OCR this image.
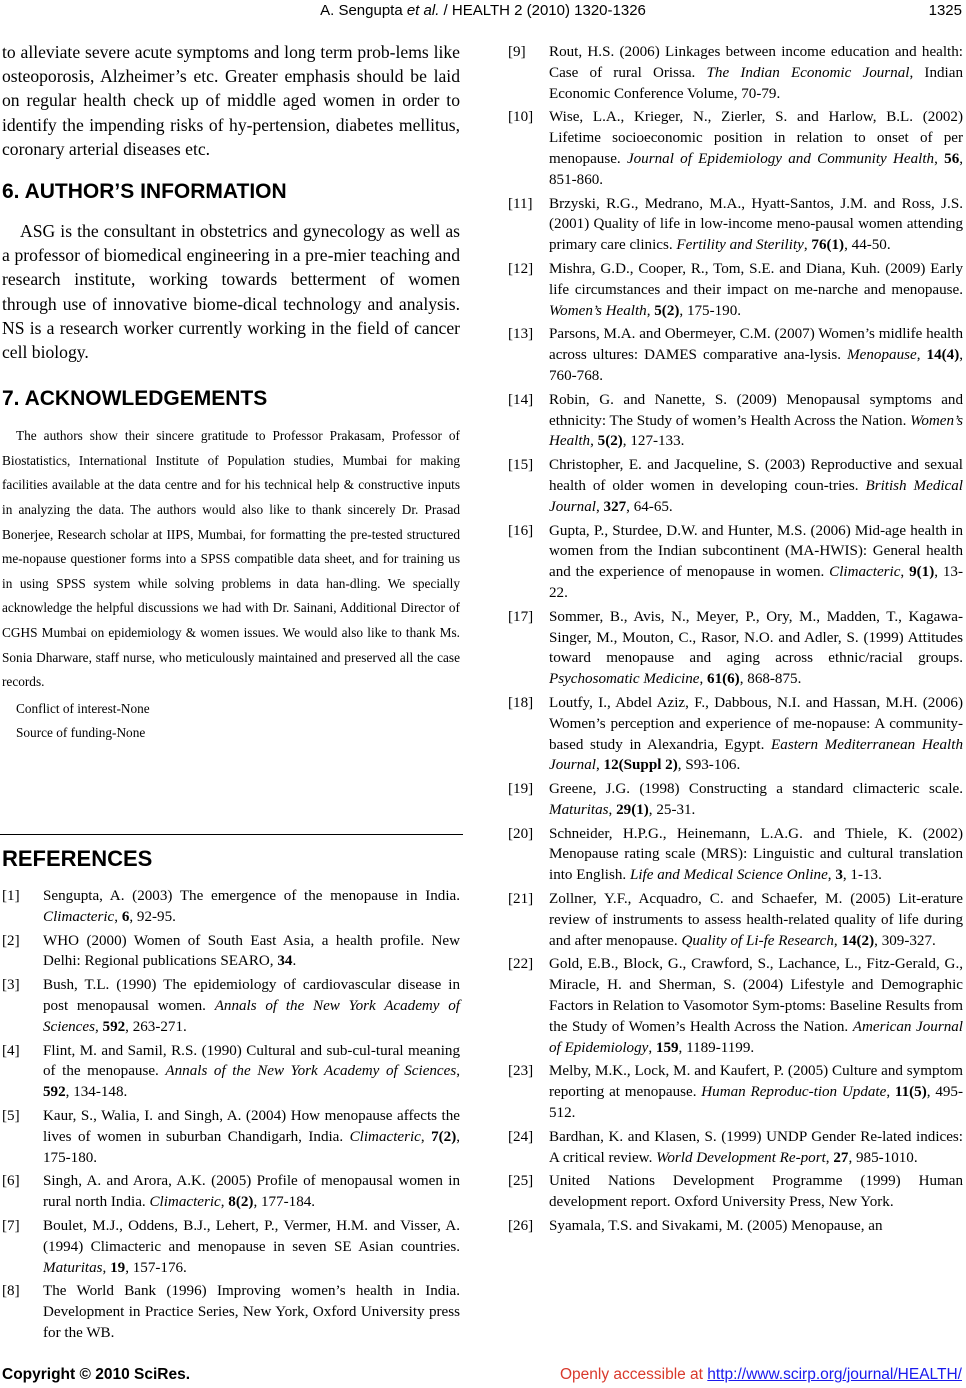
A. Sengupta et al. / HEALTH 2 (2010) 1320-1326	1325

to alleviate severe acute symptoms and long term prob-lems like osteoporosis, Alzheimer’s etc. Greater emphasis should be laid on regular health check up of middle aged women in order to identify the impending risks of hy-pertension, diabetes mellitus, coronary arterial diseases etc.

6. AUTHOR’S INFORMATION

ASG is the consultant in obstetrics and gynecology as well as a professor of biomedical engineering in a pre-mier teaching and research institute, working towards betterment of women through use of innovative biome-dical technology and analysis. NS is a research worker currently working in the field of cancer cell biology.

7. ACKNOWLEDGEMENTS

The authors show their sincere gratitude to Professor Prakasam, Professor of Biostatistics, International Institute of Population studies, Mumbai for making facilities available at the data centre and for his technical help & constructive inputs in analyzing the data. The authors would also like to thank sincerely Dr. Prasad Bonerjee, Research scholar at IIPS, Mumbai, for formatting the pre-tested structured me-nopause questioner forms into a SPSS compatible data sheet, and for training us in using SPSS system while solving problems in data han-dling. We specially acknowledge the helpful discussions we had with Dr. Sainani, Additional Director of CGHS Mumbai on epidemiology & women issues. We would also like to thank Ms. Sonia Dharware, staff nurse, who meticulously maintained and preserved all the case records.

Conflict of interest-None

Source of funding-None

REFERENCES

[1] Sengupta, A. (2003) The emergence of the menopause in India. Climacteric, 6, 92-95.

[2] WHO (2000) Women of South East Asia, a health profile. New Delhi: Regional publications SEARO, 34.

[3] Bush, T.L. (1990) The epidemiology of cardiovascular disease in post menopausal women. Annals of the New York Academy of Sciences, 592, 263-271.

[4] Flint, M. and Samil, R.S. (1990) Cultural and sub-cul-tural meaning of the menopause. Annals of the New York Academy of Sciences, 592, 134-148.

[5] Kaur, S., Walia, I. and Singh, A. (2004) How menopause affects the lives of women in suburban Chandigarh, India. Climacteric, 7(2), 175-180.

[6] Singh, A. and Arora, A.K. (2005) Profile of menopausal women in rural north India. Climacteric, 8(2), 177-184.

[7] Boulet, M.J., Oddens, B.J., Lehert, P., Vermer, H.M. and Visser, A. (1994) Climacteric and menopause in seven SE Asian countries. Maturitas, 19, 157-176.

[8] The World Bank (1996) Improving women’s health in India. Development in Practice Series, New York, Oxford University press for the WB.

[9] Rout, H.S. (2006) Linkages between income education and health: Case of rural Orissa. The Indian Economic Journal, Indian Economic Conference Volume, 70-79.

[10] Wise, L.A., Krieger, N., Zierler, S. and Harlow, B.L. (2002) Lifetime socioeconomic position in relation to onset of per menopause. Journal of Epidemiology and Community Health, 56, 851-860.

[11] Brzyski, R.G., Medrano, M.A., Hyatt-Santos, J.M. and Ross, J.S. (2001) Quality of life in low-income meno-pausal women attending primary care clinics. Fertility and Sterility, 76(1), 44-50.

[12] Mishra, G.D., Cooper, R., Tom, S.E. and Diana, Kuh. (2009) Early life circumstances and their impact on me-narche and menopause. Women’s Health, 5(2), 175-190.

[13] Parsons, M.A. and Obermeyer, C.M. (2007) Women’s midlife health across ultures: DAMES comparative ana-lysis. Menopause, 14(4), 760-768.

[14] Robin, G. and Nanette, S. (2009) Menopausal symptoms and ethnicity: The Study of women’s Health Across the Nation. Women’s Health, 5(2), 127-133.

[15] Christopher, E. and Jacqueline, S. (2003) Reproductive and sexual health of older women in developing coun-tries. British Medical Journal, 327, 64-65.

[16] Gupta, P., Sturdee, D.W. and Hunter, M.S. (2006) Mid-age health in women from the Indian subcontinent (MA-HWIS): General health and the experience of menopause in women. Climacteric, 9(1), 13-22.

[17] Sommer, B., Avis, N., Meyer, P., Ory, M., Madden, T., Kagawa-Singer, M., Mouton, C., Rasor, N.O. and Adler, S. (1999) Attitudes toward menopause and aging across ethnic/racial groups. Psychosomatic Medicine, 61(6), 868-875.

[18] Loutfy, I., Abdel Aziz, F., Dabbous, N.I. and Hassan, M.H. (2006) Women’s perception and experience of me-nopause: A community-based study in Alexandria, Egypt. Eastern Mediterranean Health Journal, 12(Suppl 2), S93-106.

[19] Greene, J.G. (1998) Constructing a standard climacteric scale. Maturitas, 29(1), 25-31.

[20] Schneider, H.P.G., Heinemann, L.A.G. and Thiele, K. (2002) Menopause rating scale (MRS): Linguistic and cultural translation into English. Life and Medical Science Online, 3, 1-13.

[21] Zollner, Y.F., Acquadro, C. and Schaefer, M. (2005) Lit-erature review of instruments to assess health-related quality of life during and after menopause. Quality of Li-fe Research, 14(2), 309-327.

[22] Gold, E.B., Block, G., Crawford, S., Lachance, L., Fitz-Gerald, G., Miracle, H. and Sherman, S. (2004) Lifestyle and Demographic Factors in Relation to Vasomotor Sym-ptoms: Baseline Results from the Study of Women’s Health Across the Nation. American Journal of Epidemiology, 159, 1189-1199.

[23] Melby, M.K., Lock, M. and Kaufert, P. (2005) Culture and symptom reporting at menopause. Human Reproduc-tion Update, 11(5), 495-512.

[24] Bardhan, K. and Klasen, S. (1999) UNDP Gender Re-lated indices: A critical review. World Development Re-port, 27, 985-1010.

[25] United Nations Development Programme (1999) Human development report. Oxford University Press, New York.

[26] Syamala, T.S. and Sivakami, M. (2005) Menopause, an

Copyright © 2010 SciRes.	Openly accessible at http://www.scirp.org/journal/HEALTH/
